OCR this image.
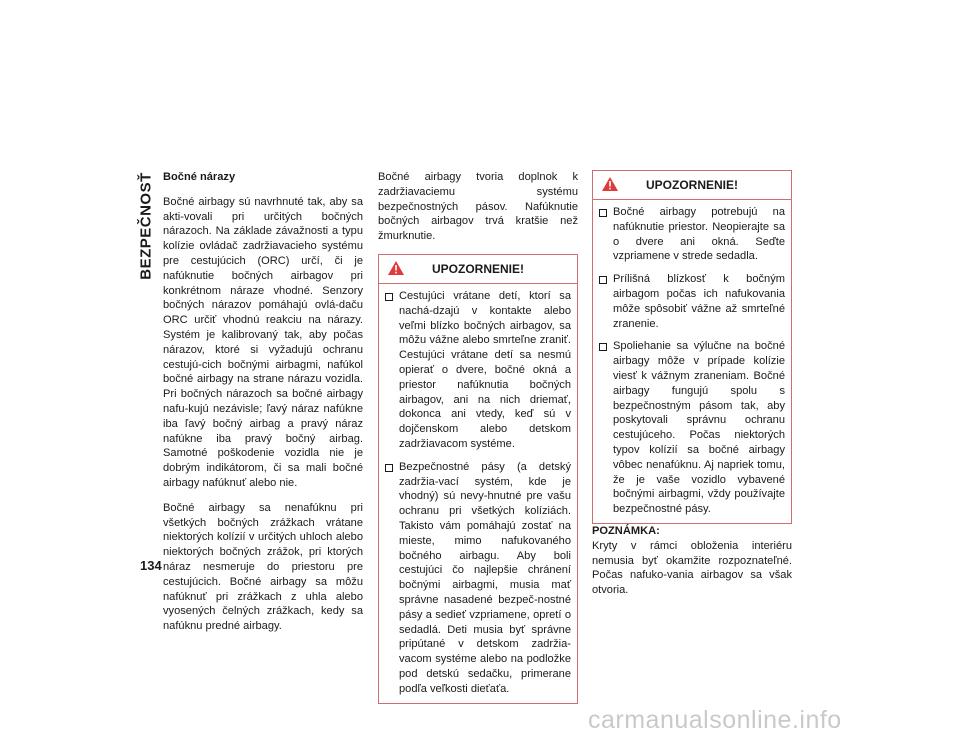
BEZPEČNOSŤ
134

Bočné nárazy

Bočné airbagy sú navrhnuté tak, aby sa akti-vovali pri určitých bočných nárazoch. Na základe závažnosti a typu kolízie ovládač zadržiavacieho systému pre cestujúcich (ORC) určí, či je nafúknutie bočných airbagov pri konkrétnom náraze vhodné. Senzory bočných nárazov pomáhajú ovlá-daču ORC určiť vhodnú reakciu na nárazy. Systém je kalibrovaný tak, aby počas nárazov, ktoré si vyžadujú ochranu cestujú-cich bočnými airbagmi, nafúkol bočné airbagy na strane nárazu vozidla. Pri bočných nárazoch sa bočné airbagy nafu-kujú nezávisle; ľavý náraz nafúkne iba ľavý bočný airbag a pravý náraz nafúkne iba pravý bočný airbag. Samotné poškodenie vozidla nie je dobrým indikátorom, či sa mali bočné airbagy nafúknuť alebo nie.

Bočné airbagy sa nenafúknu pri všetkých bočných zrážkach vrátane niektorých kolízií v určitých uhloch alebo niektorých bočných zrážok, pri ktorých náraz nesmeruje do priestoru pre cestujúcich. Bočné airbagy sa môžu nafúknuť pri zrážkach z uhla alebo vyosených čelných zrážkach, kedy sa nafúknu predné airbagy.

Bočné airbagy tvoria doplnok k zadržiavaciemu systému bezpečnostných pásov. Nafúknutie bočných airbagov trvá kratšie než žmurknutie.

UPOZORNENIE!
Cestujúci vrátane detí, ktorí sa nachá-dzajú v kontakte alebo veľmi blízko bočných airbagov, sa môžu vážne alebo smrteľne zraniť. Cestujúci vrátane detí sa nesmú opierať o dvere, bočné okná a priestor nafúknutia bočných airbagov, ani na nich driemať, dokonca ani vtedy, keď sú v dojčenskom alebo detskom zadržiavacom systéme.
Bezpečnostné pásy (a detský zadržia-vací systém, kde je vhodný) sú nevy-hnutné pre vašu ochranu pri všetkých kolíziách. Takisto vám pomáhajú zostať na mieste, mimo nafukovaného bočného airbagu. Aby boli cestujúci čo najlepšie chránení bočnými airbagmi, musia mať správne nasadené bezpeč-nostné pásy a sedieť vzpriamene, opretí o sedadlá. Deti musia byť správne pripútané v detskom zadržia-vacom systéme alebo na podložke pod detskú sedačku, primerane podľa veľkosti dieťaťa.
UPOZORNENIE!
Bočné airbagy potrebujú na nafúknutie priestor. Neopierajte sa o dvere ani okná. Seďte vzpriamene v strede sedadla.
Prílišná blízkosť k bočným airbagom počas ich nafukovania môže spôsobiť vážne až smrteľné zranenie.
Spoliehanie sa výlučne na bočné airbagy môže v prípade kolízie viesť k vážnym zraneniam. Bočné airbagy fungujú spolu s bezpečnostným pásom tak, aby poskytovali správnu ochranu cestujúceho. Počas niektorých typov kolízií sa bočné airbagy vôbec nenafúknu. Aj napriek tomu, že je vaše vozidlo vybavené bočnými airbagmi, vždy používajte bezpečnostné pásy.

POZNÁMKA:

Kryty v rámci obloženia interiéru nemusia byť okamžite rozpoznateľné. Počas nafuko-vania airbagov sa však otvoria.

carmanualsonline.info
